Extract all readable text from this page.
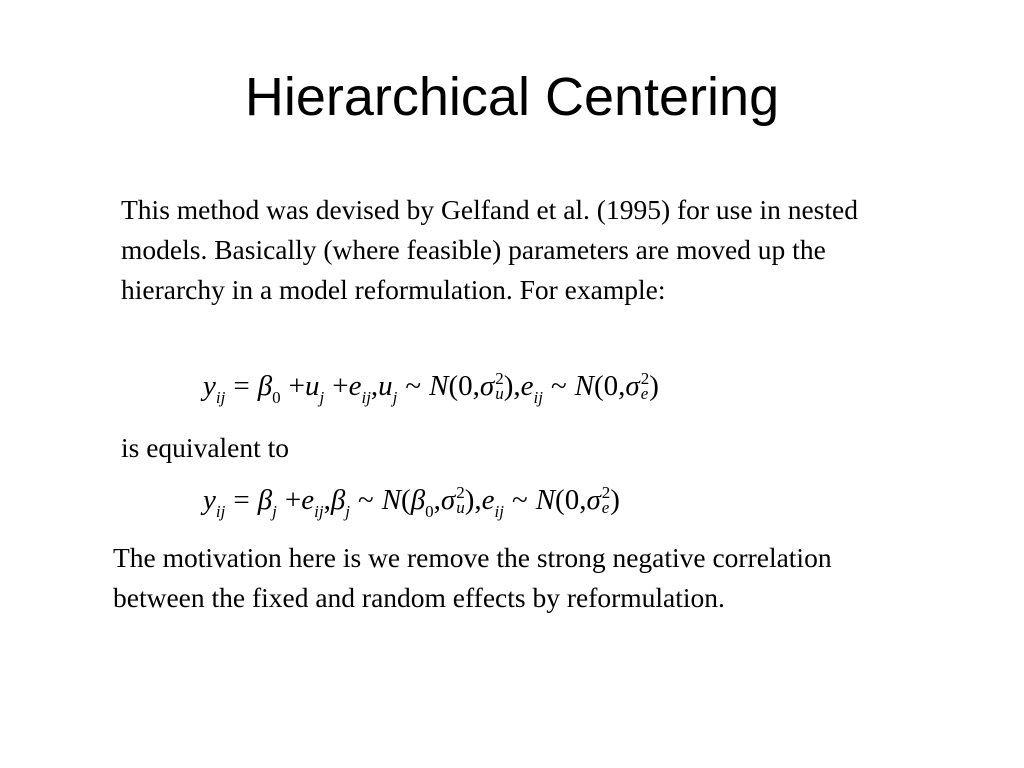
Hierarchical Centering
This method was devised by Gelfand et al. (1995) for use in nested models. Basically (where feasible) parameters are moved up the hierarchy in a model reformulation. For example:
$y_{ij} = \beta_0 +u_j +e_{ij},u_j$ ~ N(0,σ 2
u )$,e_{ij}$ ~ N(0,σ 2
e )
is equivalent to
$y_{ij} = \beta_j +e_{ij},\beta_j$ ~ $N(\beta_0,\sigma$ 2
u )$,e_{ij}$ ~ N(0,σ 2
e )
The motivation here is we remove the strong negative correlation between the fixed and random effects by reformulation.
